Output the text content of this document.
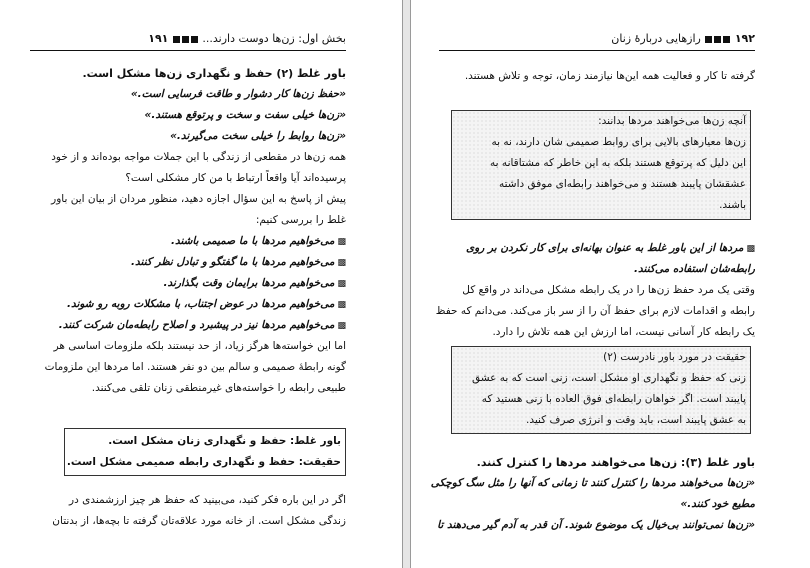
بخش اول: زن‌ها دوست دارند...  ۱۹۱
باور غلط (۲) حفظ و نگهداری زن‌ها مشکل است.
«حفظ زن‌ها کار دشوار و طاقت فرسایی است.»
«زن‌ها خیلی سفت و سخت و پرتوقع هستند.»
«زن‌ها روابط را خیلی سخت می‌گیرند.»
همه زن‌ها در مقطعی از زندگی با این جملات مواجه بوده‌اند و از خود
پرسیده‌اند آیا واقعاً ارتباط با من کار مشکلی است؟
پیش از پاسخ به این سؤال اجازه دهید، منظور مردان از بیان این باور
غلط را بررسی کنیم:
▩ می‌خواهیم مردها با ما صمیمی باشند.
▩ می‌خواهیم مردها با ما گفتگو و تبادل نظر کنند.
▩ می‌خواهیم مردها برایمان وقت بگذارند.
▩ می‌خواهیم مردها در عوض اجتناب، با مشکلات روبه رو شوند.
▩ می‌خواهیم مردها نیز در پیشبرد و اصلاح رابطه‌مان شرکت کنند.
اما این خواسته‌ها هرگز زیاد، از حد نیستند بلکه ملزومات اساسی هر
گونه رابطهٔ صمیمی و سالم بین دو نفر هستند. اما مردها این ملزومات
طبیعی رابطه را خواسته‌های غیرمنطقی زنان تلقی می‌کنند.
باور غلط: حفظ و نگهداری زنان مشکل است.
حقیقت: حفظ و نگهداری رابطه صمیمی مشکل است.
اگر در این باره فکر کنید، می‌بینید که حفظ هر چیز ارزشمندی در
زندگی مشکل است. از خانه مورد علاقه‌تان گرفته تا بچه‌ها، از بدنتان
۱۹۲  رازهایی دربارهٔ زنان
گرفته تا کار و فعالیت همه این‌ها نیازمند زمان، توجه و تلاش هستند.
آنچه زن‌ها می‌خواهند مردها بدانند:
زن‌ها معیارهای بالایی برای روابط صمیمی شان دارند، نه به
این دلیل که پرتوقع هستند بلکه به این خاطر که مشتاقانه به
عشقشان پایبند هستند و می‌خواهند رابطه‌ای موفق داشته
باشند.
▩ مردها از این باور غلط به عنوان بهانه‌ای برای کار نکردن بر روی
رابطه‌شان استفاده می‌کنند.
وقتی یک مرد حفظ زن‌ها را در یک رابطه مشکل می‌داند در واقع کل
رابطه و اقدامات لازم برای حفظ آن را از سر باز می‌کند. می‌دانم که حفظ
یک رابطه کار آسانی نیست، اما ارزش این همه تلاش را دارد.
حقیقت در مورد باور نادرست (۲)
زنی که حفظ و نگهداری او مشکل است، زنی است که به عشق
پایبند است. اگر خواهان رابطه‌ای فوق العاده با زنی هستید که
به عشق پایبند است، باید وقت و انرژی صرف کنید.
باور غلط (۳): زن‌ها می‌خواهند مردها را کنترل کنند.
«زن‌ها می‌خواهند مردها را کنترل کنند تا زمانی که آنها را مثل سگ کوچکی
مطیع خود کنند.»
«زن‌ها نمی‌توانند بی‌خیال یک موضوع شوند. آن قدر به آدم گیر می‌دهند تا
